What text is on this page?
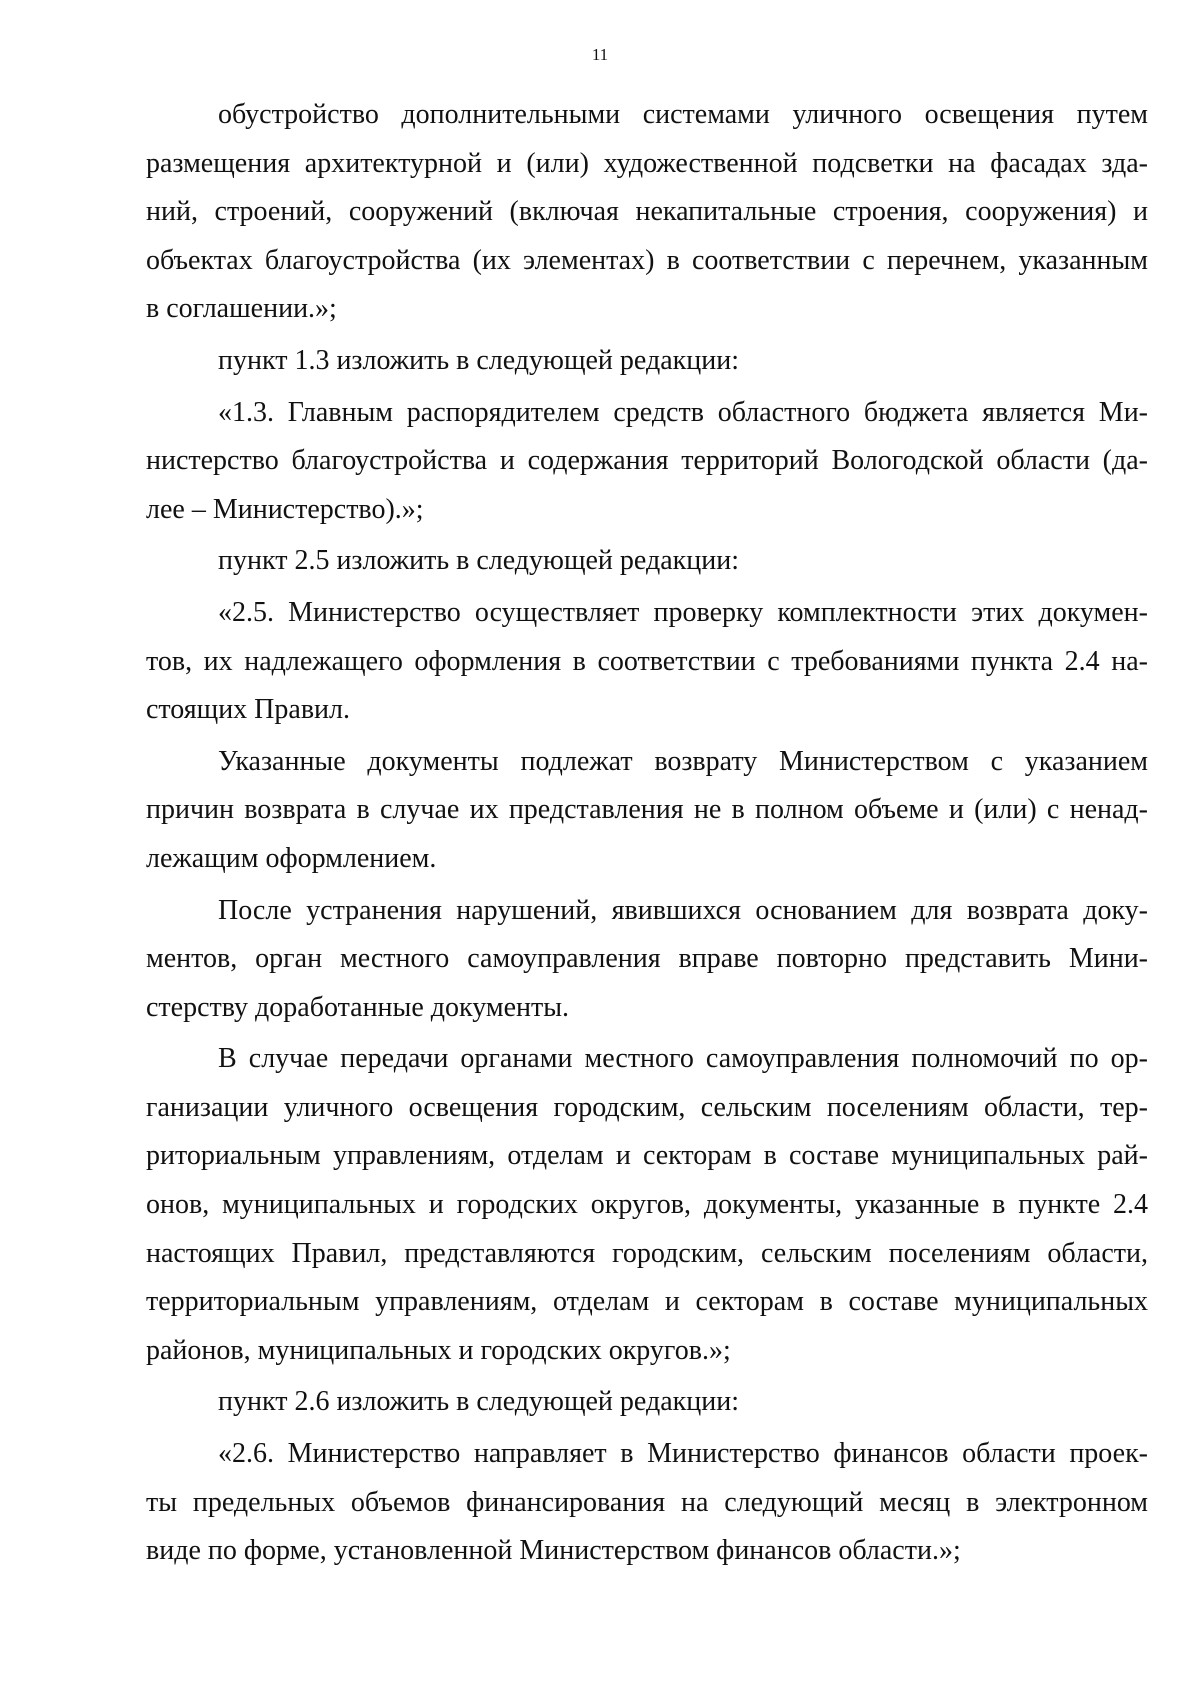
11
обустройство дополнительными системами уличного освещения путем
размещения архитектурной и (или) художественной подсветки на фасадах зда-
ний, строений, сооружений (включая некапитальные строения, сооружения) и
объектах благоустройства (их элементах) в соответствии с перечнем, указанным
в соглашении.»;
пункт 1.3 изложить в следующей редакции:
«1.3. Главным распорядителем средств областного бюджета является Ми-
нистерство благоустройства и содержания территорий Вологодской области (да-
лее – Министерство).»;
пункт 2.5 изложить в следующей редакции:
«2.5. Министерство осуществляет проверку комплектности этих докумен-
тов, их надлежащего оформления в соответствии с требованиями пункта 2.4 на-
стоящих Правил.
Указанные документы подлежат возврату Министерством с указанием
причин возврата в случае их представления не в полном объеме и (или) с ненад-
лежащим оформлением.
После устранения нарушений, явившихся основанием для возврата доку-
ментов, орган местного самоуправления вправе повторно представить Мини-
стерству доработанные документы.
В случае передачи органами местного самоуправления полномочий по ор-
ганизации уличного освещения городским, сельским поселениям области, тер-
риториальным управлениям, отделам и секторам в составе муниципальных рай-
онов, муниципальных и городских округов, документы, указанные в пункте 2.4
настоящих Правил, представляются городским, сельским поселениям области,
территориальным управлениям, отделам и секторам в составе муниципальных
районов, муниципальных и городских округов.»;
пункт 2.6 изложить в следующей редакции:
«2.6. Министерство направляет в Министерство финансов области проек-
ты предельных объемов финансирования на следующий месяц в электронном
виде по форме, установленной Министерством финансов области.»;
